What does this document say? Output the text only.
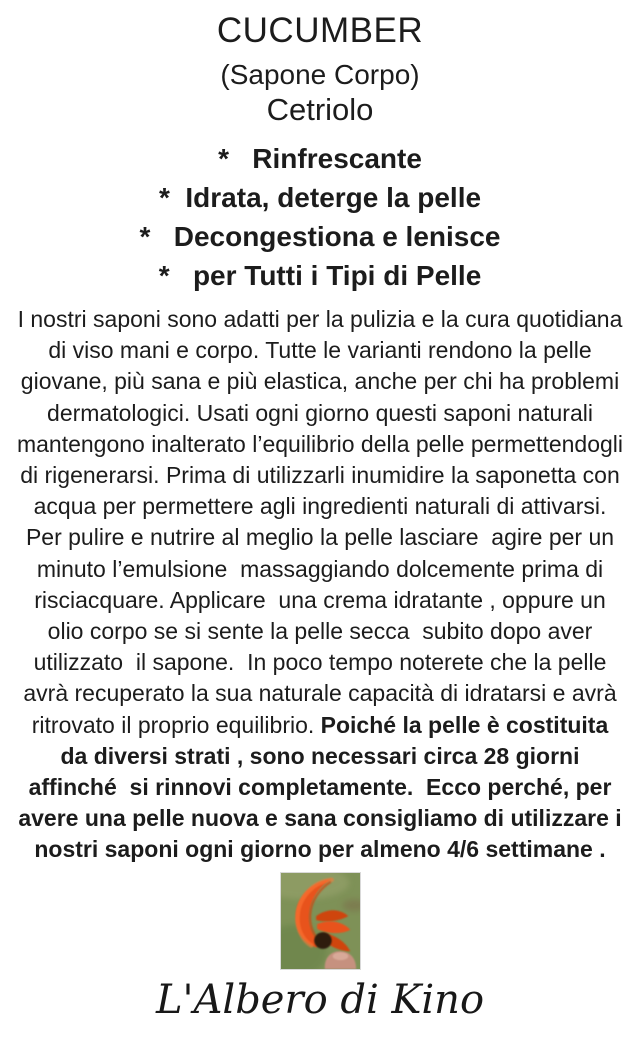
CUCUMBER
(Sapone Corpo)
Cetriolo
*   Rinfrescante
*  Idrata, deterge la pelle
*   Decongestiona e lenisce
*   per Tutti i Tipi di Pelle
I nostri saponi sono adatti per la pulizia e la cura quotidiana
di viso mani e corpo. Tutte le varianti rendono la pelle
giovane, più sana e più elastica, anche per chi ha problemi
dermatologici. Usati ogni giorno questi saponi naturali
mantengono inalterato l’equilibrio della pelle permettendogli
di rigenerarsi. Prima di utilizzarli inumidire la saponetta con
acqua per permettere agli ingredienti naturali di attivarsi.
Per pulire e nutrire al meglio la pelle lasciare  agire per un
minuto l’emulsione  massaggiando dolcemente prima di
risciacquare. Applicare  una crema idratante , oppure un
olio corpo se si sente la pelle secca  subito dopo aver
utilizzato  il sapone.  In poco tempo noterete che la pelle
avrà recuperato la sua naturale capacità di idratarsi e avrà
ritrovato il proprio equilibrio. Poiché la pelle è costituita
da diversi strati , sono necessari circa 28 giorni
affinché  si rinnovi completamente.  Ecco perché, per
avere una pelle nuova e sana consigliamo di utilizzare i
nostri saponi ogni giorno per almeno 4/6 settimane .
L'Albero di Kino
